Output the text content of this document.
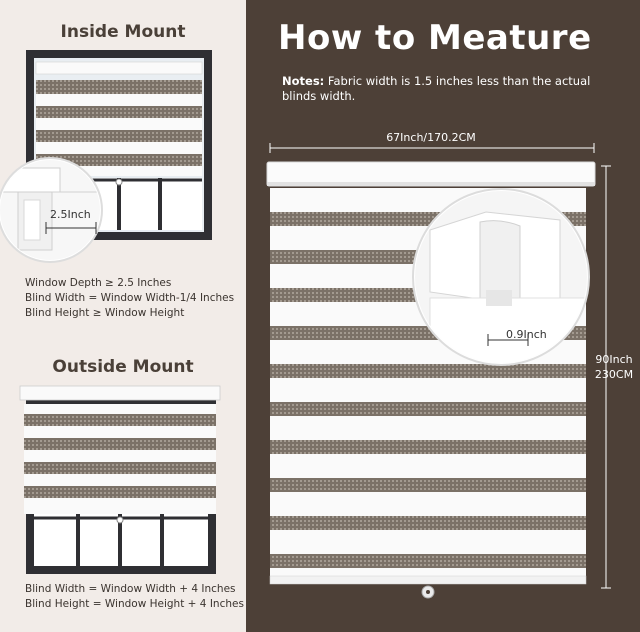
Inside Mount
2.5Inch
Window Depth ≥ 2.5 Inches
Blind Width = Window Width-1/4 Inches
Blind Height ≥ Window Height
Outside Mount
Blind Width = Window Width + 4 Inches
Blind Height = Window Height + 4 Inches
How to Meature
Notes: Fabric width is 1.5 inches less than the actual blinds width.
67Inch/170.2CM
90Inch
230CM
0.9Inch
